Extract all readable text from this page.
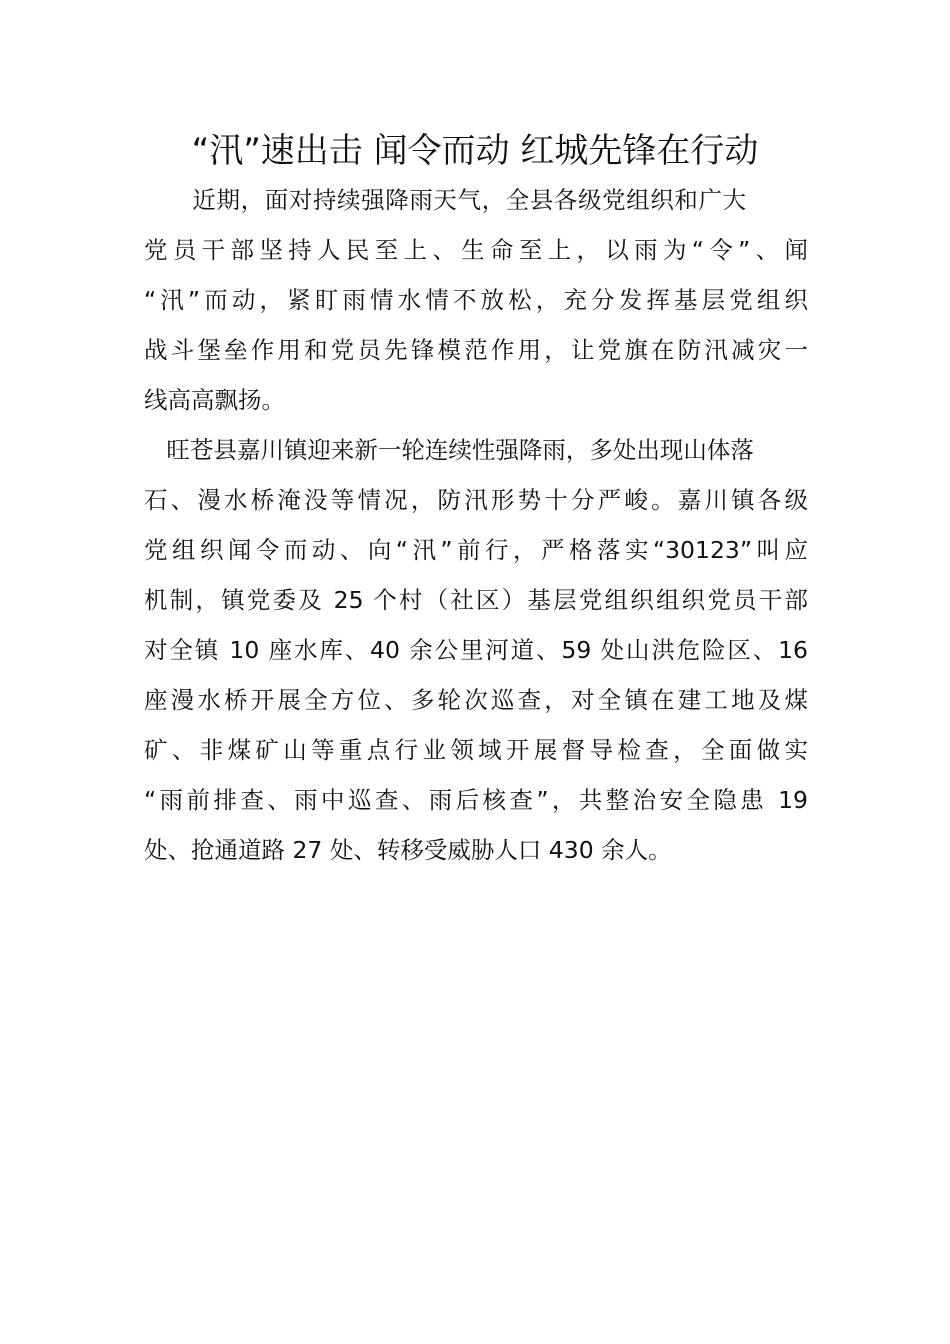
“汛”速出击 闻令而动 红城先锋在行动
近期，面对持续强降雨天气，全县各级党组织和广大
党员干部坚持人民至上、生命至上，以雨为“令”、闻
“汛”而动，紧盯雨情水情不放松，充分发挥基层党组织
战斗堡垒作用和党员先锋模范作用，让党旗在防汛减灾一
线高高飘扬。
旺苍县嘉川镇迎来新一轮连续性强降雨，多处出现山体落
石、漫水桥淹没等情况，防汛形势十分严峻。嘉川镇各级
党组织闻令而动、向“汛”前行，严格落实“30123”叫应
机制，镇党委及 25 个村（社区）基层党组织组织党员干部
对全镇 10 座水库、40 余公里河道、59 处山洪危险区、16
座漫水桥开展全方位、多轮次巡查，对全镇在建工地及煤
矿、非煤矿山等重点行业领域开展督导检查，全面做实
“雨前排查、雨中巡查、雨后核查”，共整治安全隐患 19
处、抢通道路 27 处、转移受威胁人口 430 余人。
